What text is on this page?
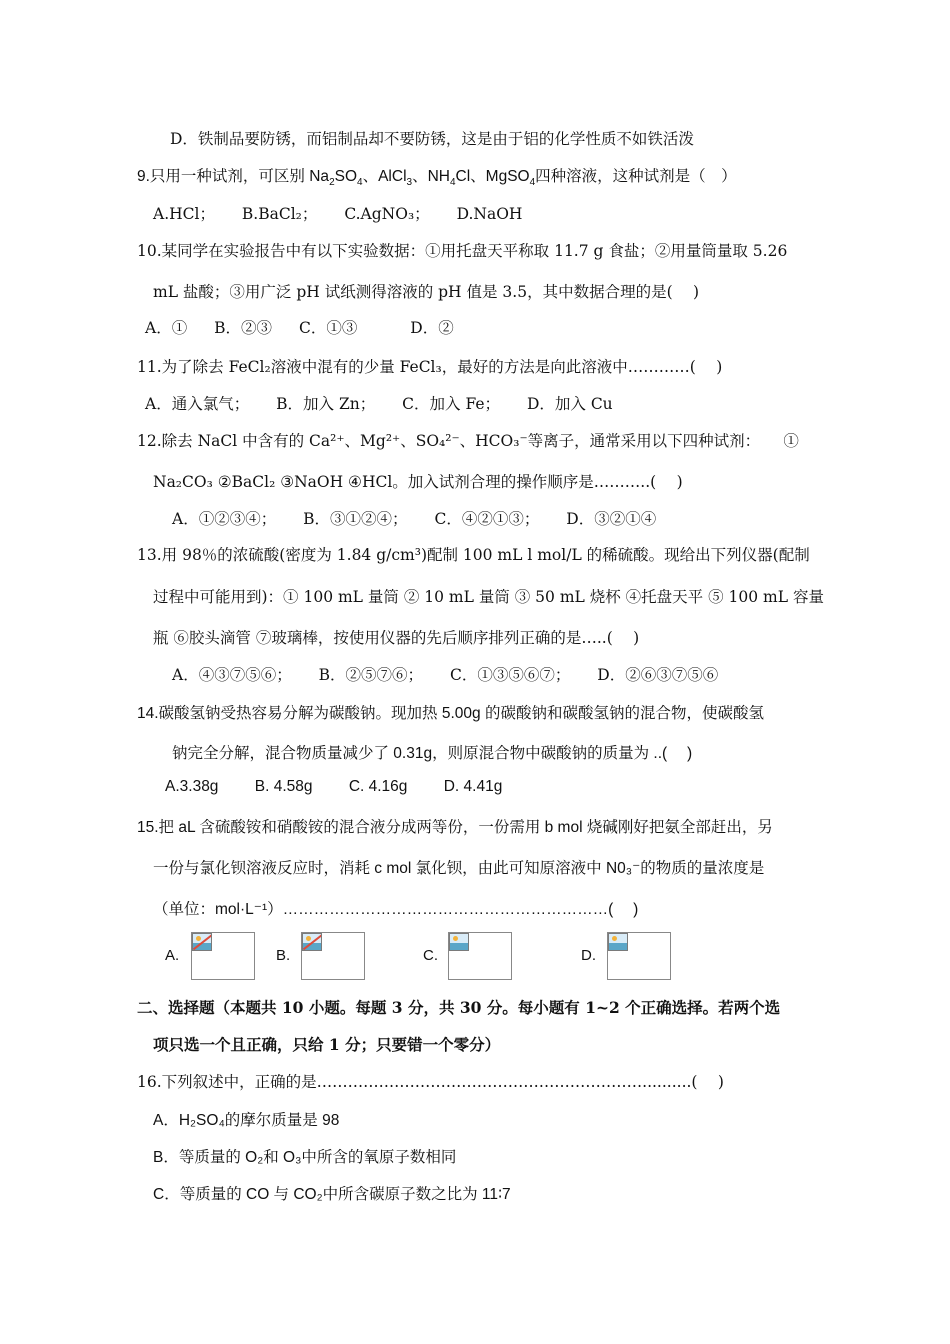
D．铁制品要防锈，而铝制品却不要防锈，这是由于铝的化学性质不如铁活泼
9.只用一种试剂，可区别 $Na_2SO_4$、AlCl$_3$、$NH_4Cl$、MgSO$_4$四种溶液，这种试剂是（　）
A.HCl； B.BaCl₂； C.AgNO₃； D.NaOH
10.某同学在实验报告中有以下实验数据：①用托盘天平称取 11.7 g 食盐；②用量筒量取 5.26
mL 盐酸；③用广泛 pH 试纸测得溶液的 pH 值是 3.5，其中数据合理的是(　 )
A．① B．②③ C．①③	D．②
11.为了除去 FeCl₂溶液中混有的少量 FeCl₃，最好的方法是向此溶液中…………(　 )
A．通入氯气； B．加入 Zn； C．加入 Fe； D．加入 Cu
12.除去 NaCl 中含有的 Ca²⁺、Mg²⁺、SO₄²⁻、HCO₃⁻等离子，通常采用以下四种试剂：　　①
Na₂CO₃ ②BaCl₂ ③NaOH ④HCl。加入试剂合理的操作顺序是………..(　 )
A．①②③④； B．③①②④； C．④②①③； D．③②①④
13.用 98％的浓硫酸(密度为 1.84 g/cm³)配制 100 mL l mol/L 的稀硫酸。现给出下列仪器(配制
过程中可能用到)：① 100 mL 量筒 ② 10 mL 量筒 ③ 50 mL 烧杯 ④托盘天平 ⑤ 100 mL 容量
瓶 ⑥胶头滴管 ⑦玻璃棒，按使用仪器的先后顺序排列正确的是…..(　 )
A．④③⑦⑤⑥； B．②⑤⑦⑥； C．①③⑤⑥⑦； D．②⑥③⑦⑤⑥
14.碳酸氢钠受热容易分解为碳酸钠。现加热 5.00g 的碳酸钠和碳酸氢钠的混合物，使碳酸氢
钠完全分解，混合物质量减少了 0.31g，则原混合物中碳酸钠的质量为 ..(　 )
A.3.38g B. 4.58g C. 4.16g D. 4.41g
15.把 aL 含硫酸铵和硝酸铵的混合液分成两等份，一份需用 b mol 烧碱刚好把氨全部赶出，另
一份与氯化钡溶液反应时，消耗 c mol 氯化钡，由此可知原溶液中 N0₃⁻的物质的量浓度是
（单位：mol·L⁻¹）………………………………………………………(　 )
A.	B.	C.	D.
二、选择题（本题共 10 小题。每题 3 分，共 30 分。每小题有 1~2 个正确选择。若两个选
项只选一个且正确，只给 1 分；只要错一个零分）
16.下列叙述中，正确的是………………………………………………………..........(　 )
A．H₂SO₄的摩尔质量是 98
B．等质量的 O₂和 O₃中所含的氧原子数相同
C．等质量的 CO 与 CO₂中所含碳原子数之比为 11∶7
